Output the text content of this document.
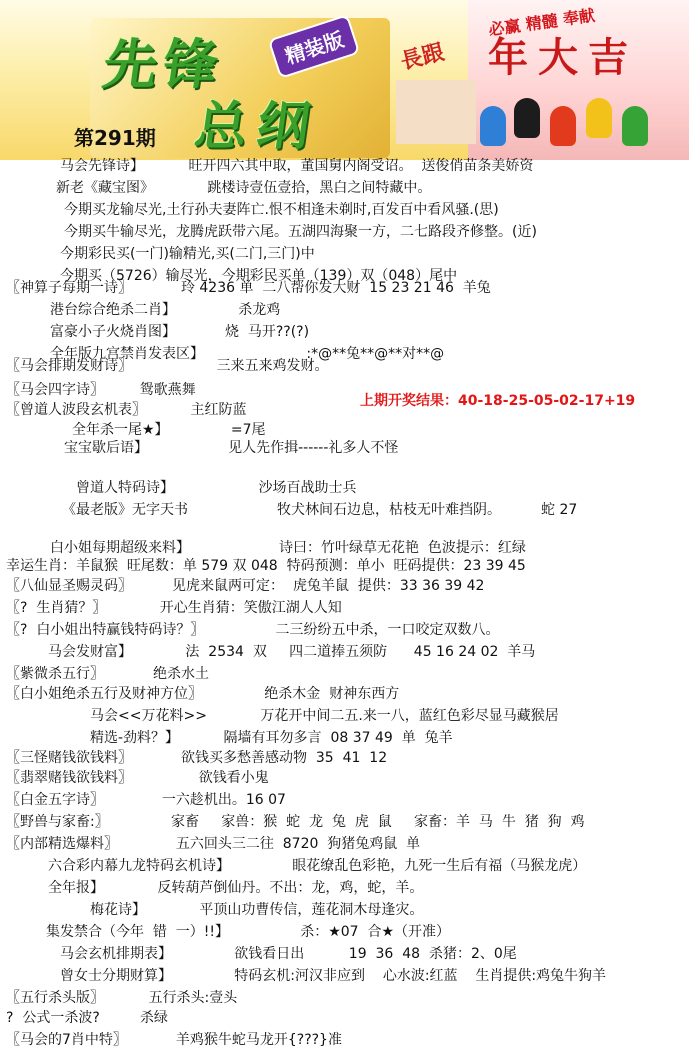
先锋
总纲
精装版
第291期
必赢 精髓 奉献
長跟 年大吉
马会先锋诗】          旺开四六其中取，董国舅内阁受诏。  送俊俏苗条美娇资
新老《藏宝图》            跳楼诗壹伍壹拾，黑白之间特藏中。
今期买龙输尽光,土行孙夫妻阵亡.恨不相逢未剃时,百发百中看风骚.(思)
今期买牛输尽光，龙腾虎跃带六尾。五湖四海聚一方，二七路段齐修整。(近)
今期彩民买(一门)输精光,买(二门,三门)中
今期买（5726）输尽光，今期彩民买单（139）双（048）尾中
〖神算子每期一诗〗           玲 4236 单  二八帮你发大财  15 23 21 46  羊兔
港台综合绝杀二肖】              杀龙鸡
富豪小子火烧肖图】           烧  马开??(?)
全年版九宫禁肖发表区】                       :*@**兔**@**对**@
〖马会排期发财诗〗                   三来五来鸡发财。
〖马会四字诗〗        鸳歌燕舞
〖曾道人波段玄机表〗          主红防蓝
全年杀一尾★】              =7尾
宝宝歇后语】                  见人先作揖------礼多人不怪
曾道人特码诗】                   沙场百战助士兵
《最老版》无字天书                    牧犬林间石边息，枯枝无叶难挡阴。         蛇 27
白小姐每期超级来料】                    诗曰：竹叶绿草无花艳  色波提示：红绿
幸运生肖：羊鼠猴  旺尾数：单 579 双 048  特码预测：单小  旺码提供：23 39 45
〖八仙显圣赐灵码〗         见虎来鼠两可定：  虎兔羊鼠  提供：33 36 39 42
〖?  生肖猜？〗            开心生肖猜：笑傲江湖人人知
〖?  白小姐出特赢钱特码诗？〗                二三纷纷五中杀，一口咬定双数八。
马会发财富】            法  2534  双     四二道捧五须防      45 16 24 02  羊马
〖紫微杀五行〗           绝杀水土
〖白小姐绝杀五行及财神方位〗              绝杀木金  财神东西方
马会<<万花料>>            万花开中间二五.来一八，蓝红色彩尽显马藏猴居
精选-劲料？】          隔墙有耳勿多言  08 37 49  单  兔羊
〖三怪赌钱欲钱料〗           欲钱买多愁善感动物  35  41  12
〖翡翠赌钱欲钱料〗               欲钱看小鬼
〖白金五字诗〗             一六趁机出。16 07
〖野兽与家畜:〗              家畜     家兽：猴  蛇  龙  兔  虎  鼠     家畜：羊  马  牛  猪  狗  鸡
〖内部精选爆料〗             五六回头三二往  8720  狗猪兔鸡鼠  单
六合彩内幕九龙特码玄机诗】              眼花缭乱色彩艳，九死一生后有福（马猴龙虎）
全年报】            反转葫芦倒仙丹。不出：龙，鸡，蛇，羊。
梅花诗】            平顶山功曹传信，莲花洞木母逢灾。
集发禁合（今年  错  一）!!】                杀：★07  合★（开准）
马会玄机排期表】              欲钱看日出          19  36  48  杀猪：2、0尾
曾女士分期财算】              特码玄机:河汉非应到    心水波:红蓝    生肖提供:鸡兔牛狗羊
〖五行杀头版〗          五行杀头:壹头
?  公式一杀波?         杀绿
〖马会的7肖中特〗           羊鸡猴牛蛇马龙开{???}准
上期开奖结果：40-18-25-05-02-17+19
